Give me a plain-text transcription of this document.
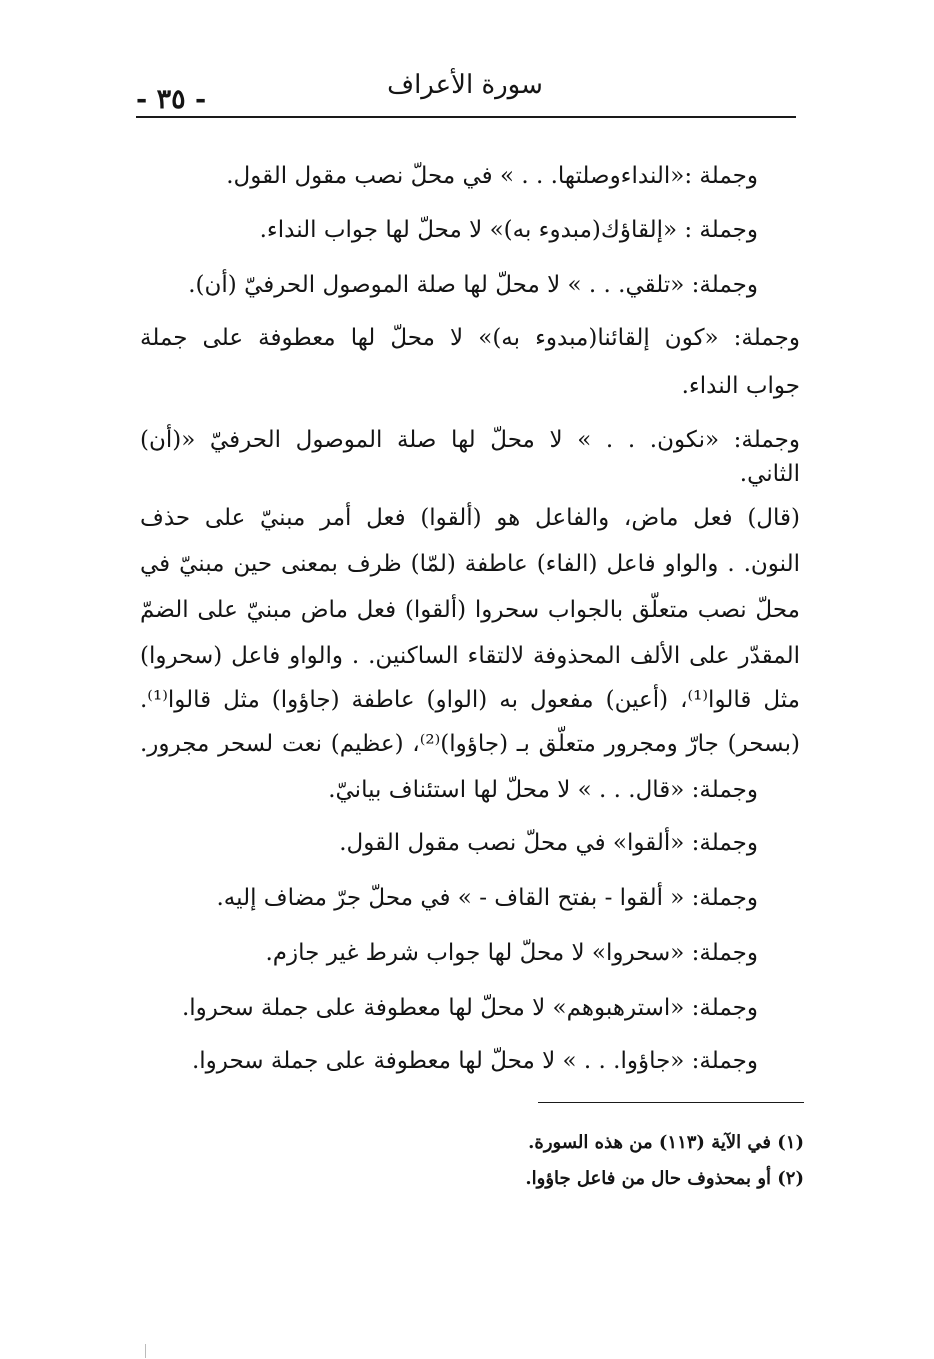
- ٣٥ -	سورة الأعراف
وجملة :«النداءوصلتها. . . » في محلّ نصب مقول القول.
وجملة : «إلقاؤك(مبدوء به)» لا محلّ لها جواب النداء.
وجملة: «تلقي. . . » لا محلّ لها صلة الموصول الحرفيّ (أن).
وجملة: «كون إلقائنا(مبدوء به)» لا محلّ لها معطوفة على جملة
جواب النداء.
وجملة: «نكون. . . » لا محلّ لها صلة الموصول الحرفيّ «(أن)
الثاني.
(قال) فعل ماض، والفاعل هو (ألقوا) فعل أمر مبنيّ على حذف
النون. . والواو فاعل (الفاء) عاطفة (لمّا) ظرف بمعنى حين مبنيّ في
محلّ نصب متعلّق بالجواب سحروا (ألقوا) فعل ماض مبنيّ على الضمّ
المقدّر على الألف المحذوفة لالتقاء الساكنين. . والواو فاعل (سحروا)
مثل قالوا⁽¹⁾، (أعين) مفعول به (الواو) عاطفة (جاؤوا) مثل قالوا⁽¹⁾.
(بسحر) جارّ ومجرور متعلّق بـ (جاؤوا)⁽²⁾، (عظيم) نعت لسحر مجرور.
وجملة: «قال. . . » لا محلّ لها استئناف بيانيّ.
وجملة: «ألقوا» في محلّ نصب مقول القول.
وجملة: « ألقوا - بفتح القاف - » في محلّ جرّ مضاف إليه.
وجملة: «سحروا» لا محلّ لها جواب شرط غير جازم.
وجملة: «استرهبوهم» لا محلّ لها معطوفة على جملة سحروا.
وجملة: «جاؤوا. . . » لا محلّ لها معطوفة على جملة سحروا.
(١) في الآية (١١٣) من هذه السورة.
(٢) أو بمحذوف حال من فاعل جاؤوا.
